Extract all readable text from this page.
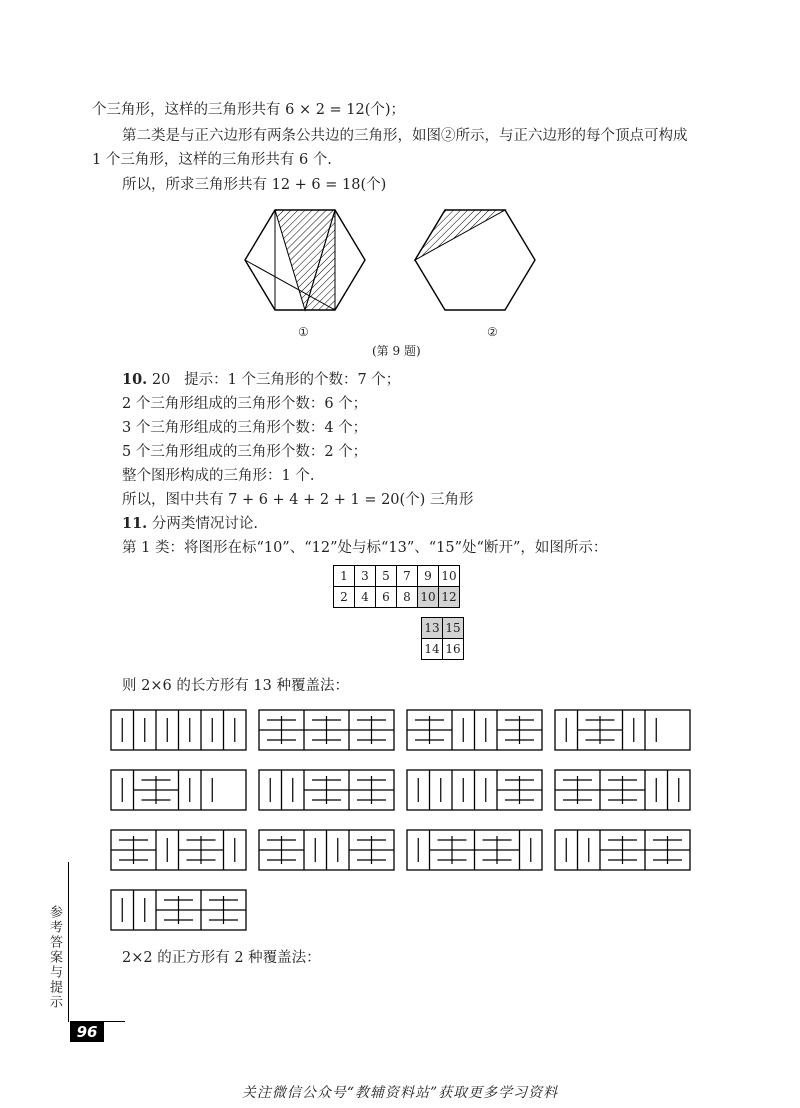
个三角形，这样的三角形共有 6 × 2 = 12(个)；
第二类是与正六边形有两条公共边的三角形，如图②所示，与正六边形的每个顶点可构成
1 个三角形，这样的三角形共有 6 个.
所以，所求三角形共有 12 + 6 = 18(个)
①	②
(第 9 题)
10. 20 提示：1 个三角形的个数：7 个；
2 个三角形组成的三角形个数：6 个；
3 个三角形组成的三角形个数：4 个；
5 个三角形组成的三角形个数：2 个；
整个图形构成的三角形：1 个.
所以，图中共有 7 + 6 + 4 + 2 + 1 = 20(个) 三角形
11. 分两类情况讨论.
第 1 类：将图形在标“10”、“12”处与标“13”、“15”处“断开”，如图所示：
1	3	5	7	9	10
2	4	6	8	10	12
13	15
14	16
则 2×6 的长方形有 13 种覆盖法：
2×2 的正方形有 2 种覆盖法：
参考答案与提示
96
关注微信公众号“教辅资料站”获取更多学习资料
